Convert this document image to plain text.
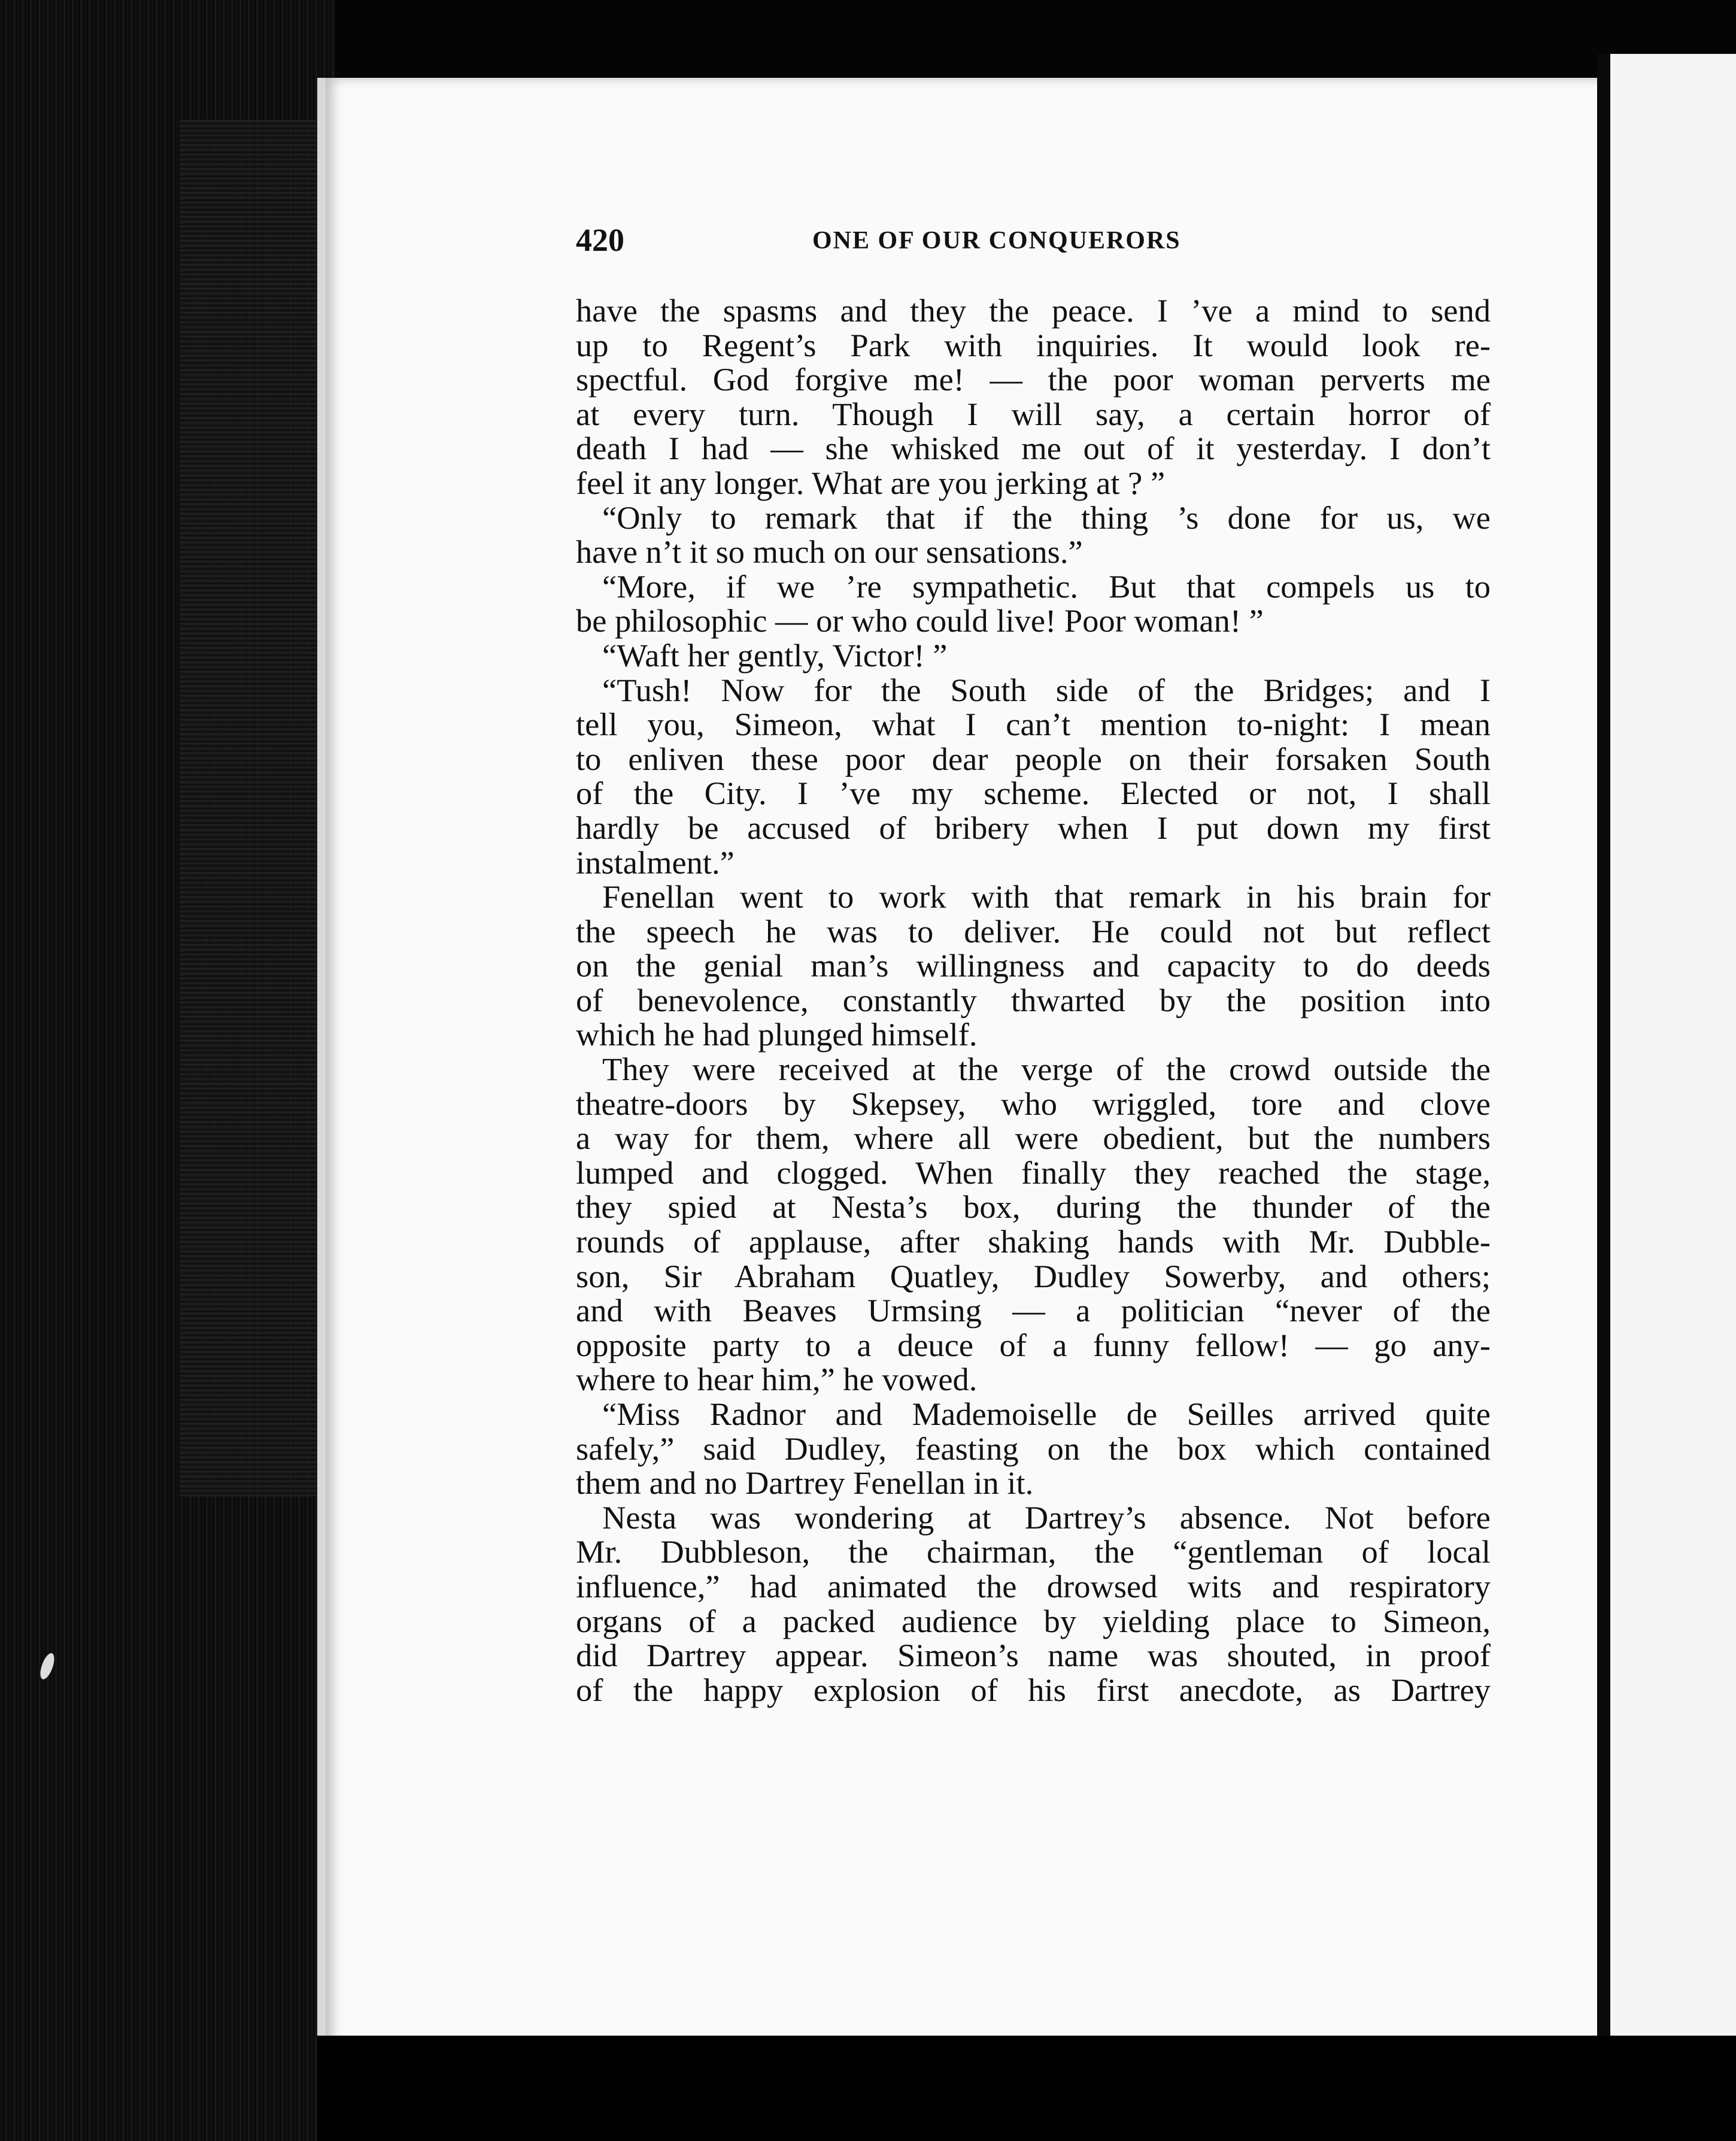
420	ONE OF OUR CONQUERORS
have the spasms and they the peace. I ’ve a mind to send
up to Regent’s Park with inquiries. It would look re-
spectful. God forgive me! — the poor woman perverts me
at every turn. Though I will say, a certain horror of
death I had — she whisked me out of it yesterday. I don’t
feel it any longer. What are you jerking at ? ”
“Only to remark that if the thing ’s done for us, we
have n’t it so much on our sensations.”
“More, if we ’re sympathetic. But that compels us to
be philosophic — or who could live! Poor woman! ”
“Waft her gently, Victor! ”
“Tush! Now for the South side of the Bridges; and I
tell you, Simeon, what I can’t mention to-night: I mean
to enliven these poor dear people on their forsaken South
of the City. I ’ve my scheme. Elected or not, I shall
hardly be accused of bribery when I put down my first
instalment.”
Fenellan went to work with that remark in his brain for
the speech he was to deliver. He could not but reflect
on the genial man’s willingness and capacity to do deeds
of benevolence, constantly thwarted by the position into
which he had plunged himself.
They were received at the verge of the crowd outside the
theatre-doors by Skepsey, who wriggled, tore and clove
a way for them, where all were obedient, but the numbers
lumped and clogged. When finally they reached the stage,
they spied at Nesta’s box, during the thunder of the
rounds of applause, after shaking hands with Mr. Dubble-
son, Sir Abraham Quatley, Dudley Sowerby, and others;
and with Beaves Urmsing — a politician “never of the
opposite party to a deuce of a funny fellow! — go any-
where to hear him,” he vowed.
“Miss Radnor and Mademoiselle de Seilles arrived quite
safely,” said Dudley, feasting on the box which contained
them and no Dartrey Fenellan in it.
Nesta was wondering at Dartrey’s absence. Not before
Mr. Dubbleson, the chairman, the “gentleman of local
influence,” had animated the drowsed wits and respiratory
organs of a packed audience by yielding place to Simeon,
did Dartrey appear. Simeon’s name was shouted, in proof
of the happy explosion of his first anecdote, as Dartrey
